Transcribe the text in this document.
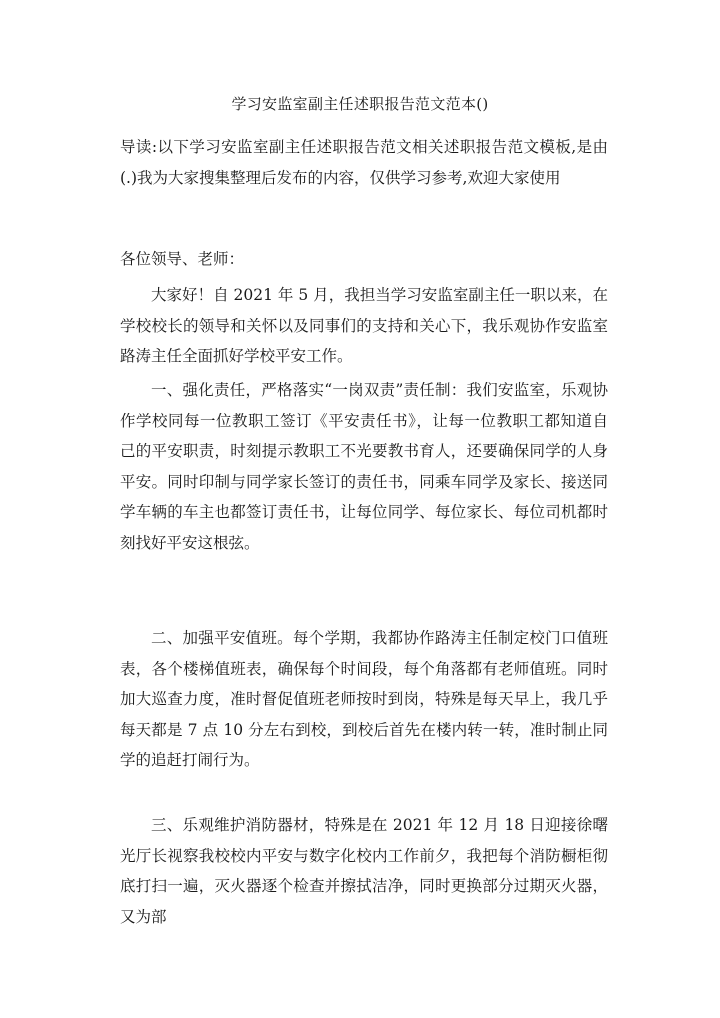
学习安监室副主任述职报告范文范本()
导读:以下学习安监室副主任述职报告范文相关述职报告范文模板,是由(.)我为大家搜集整理后发布的内容，仅供学习参考,欢迎大家使用
各位领导、老师：
大家好！自 2021 年 5 月，我担当学习安监室副主任一职以来，在学校校长的领导和关怀以及同事们的支持和关心下，我乐观协作安监室路涛主任全面抓好学校平安工作。
一、强化责任，严格落实“一岗双责”责任制：我们安监室，乐观协作学校同每一位教职工签订《平安责任书》，让每一位教职工都知道自己的平安职责，时刻提示教职工不光要教书育人，还要确保同学的人身平安。同时印制与同学家长签订的责任书，同乘车同学及家长、接送同学车辆的车主也都签订责任书，让每位同学、每位家长、每位司机都时刻找好平安这根弦。
二、加强平安值班。每个学期，我都协作路涛主任制定校门口值班表，各个楼梯值班表，确保每个时间段，每个角落都有老师值班。同时加大巡查力度，准时督促值班老师按时到岗，特殊是每天早上，我几乎每天都是 7 点 10 分左右到校，到校后首先在楼内转一转，准时制止同学的追赶打闹行为。
三、乐观维护消防器材，特殊是在 2021 年 12 月 18 日迎接徐曙光厅长视察我校校内平安与数字化校内工作前夕，我把每个消防橱柜彻底打扫一遍，灭火器逐个检查并擦拭洁净，同时更换部分过期灭火器，又为部
